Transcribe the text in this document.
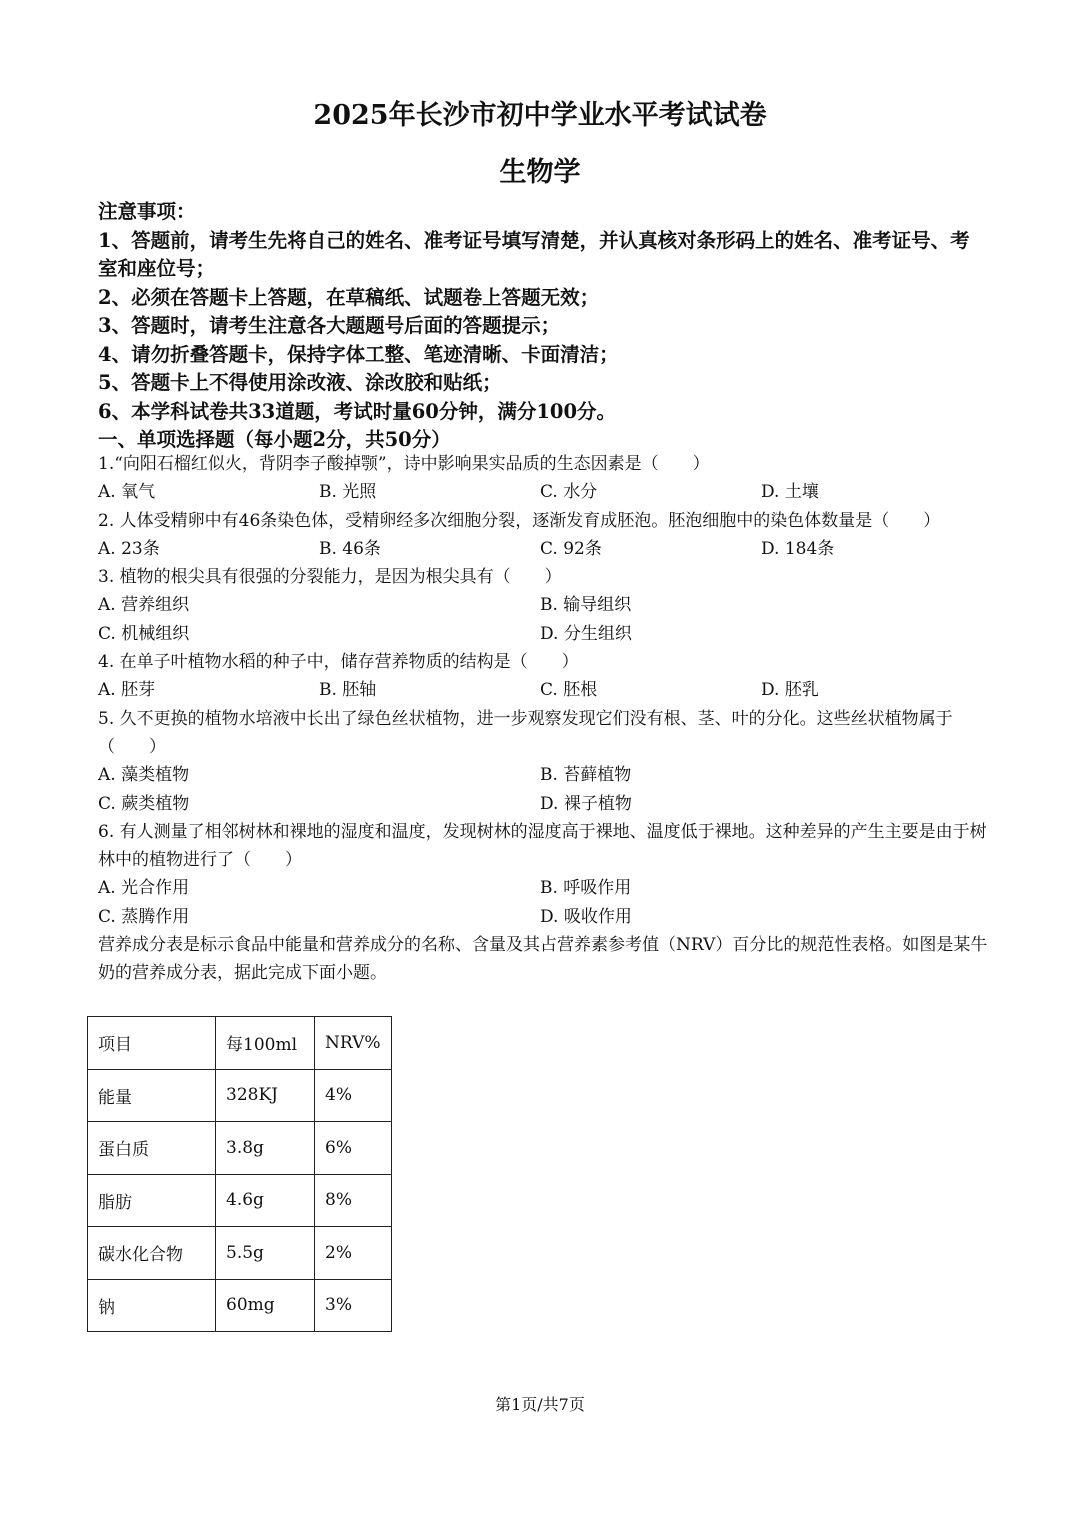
2025年长沙市初中学业水平考试试卷
生物学
注意事项：
1、答题前，请考生先将自己的姓名、准考证号填写清楚，并认真核对条形码上的姓名、准考证号、考室和座位号；
2、必须在答题卡上答题，在草稿纸、试题卷上答题无效；
3、答题时，请考生注意各大题题号后面的答题提示；
4、请勿折叠答题卡，保持字体工整、笔迹清晰、卡面清洁；
5、答题卡上不得使用涂改液、涂改胶和贴纸；
6、本学科试卷共33道题，考试时量60分钟，满分100分。
一、单项选择题（每小题2分，共50分）
1.“向阳石榴红似火，背阴李子酸掉颚”，诗中影响果实品质的生态因素是（　　）
A. 氧气	B. 光照	C. 水分	D. 土壤
2. 人体受精卵中有46条染色体，受精卵经多次细胞分裂，逐渐发育成胚泡。胚泡细胞中的染色体数量是（　　）
A. 23条	B. 46条	C. 92条	D. 184条
3. 植物的根尖具有很强的分裂能力，是因为根尖具有（　　）
A. 营养组织	B. 输导组织
C. 机械组织	D. 分生组织
4. 在单子叶植物水稻的种子中，储存营养物质的结构是（　　）
A. 胚芽	B. 胚轴	C. 胚根	D. 胚乳
5. 久不更换的植物水培液中长出了绿色丝状植物，进一步观察发现它们没有根、茎、叶的分化。这些丝状植物属于（　　）
A. 藻类植物	B. 苔藓植物
C. 蕨类植物	D. 裸子植物
6. 有人测量了相邻树林和裸地的湿度和温度，发现树林的湿度高于裸地、温度低于裸地。这种差异的产生主要是由于树林中的植物进行了（　　）
A. 光合作用	B. 呼吸作用
C. 蒸腾作用	D. 吸收作用
营养成分表是标示食品中能量和营养成分的名称、含量及其占营养素参考值（NRV）百分比的规范性表格。如图是某牛奶的营养成分表，据此完成下面小题。
项目	每100ml	NRV%
能量	328KJ	4%
蛋白质	3.8g	6%
脂肪	4.6g	8%
碳水化合物	5.5g	2%
钠	60mg	3%
第1页/共7页
